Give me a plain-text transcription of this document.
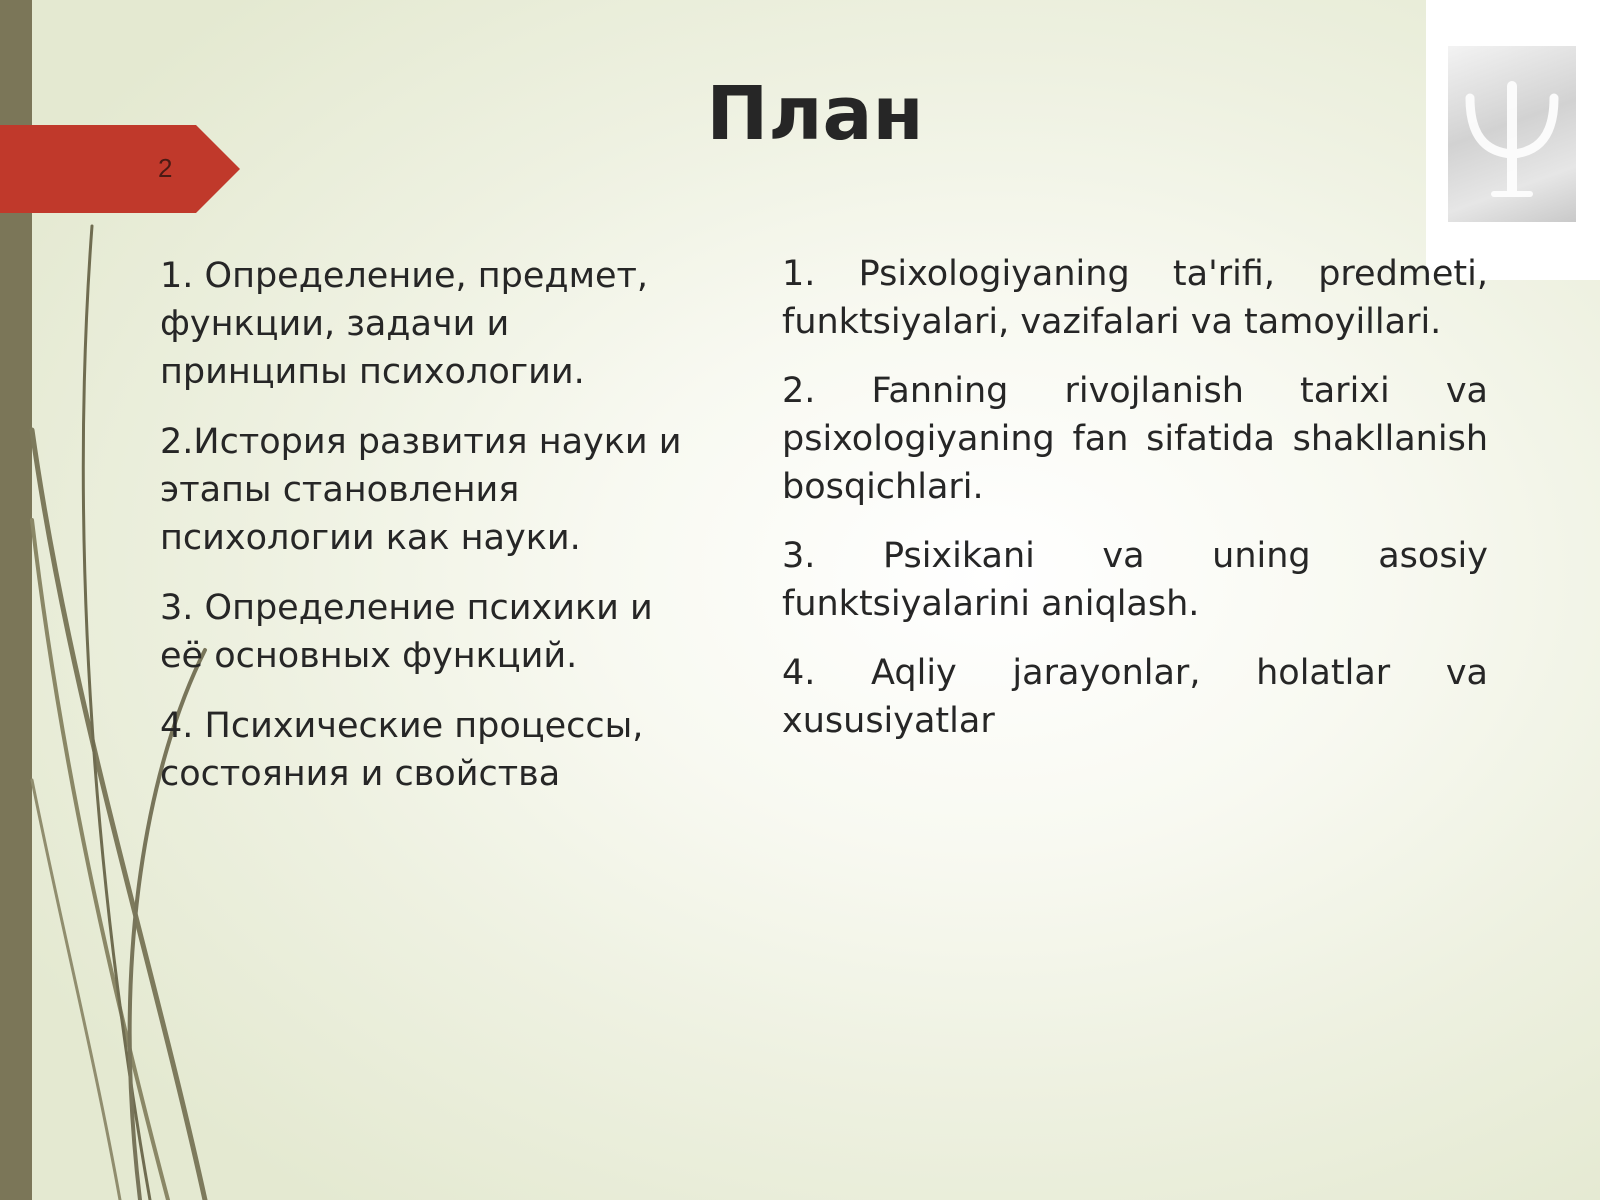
2
План

1. Определение, предмет, функции, задачи и принципы психологии.

2.История развития науки и этапы становления психологии как науки.

3. Определение психики и её основных функций.

4. Психические процессы, состояния и свойства

1. Psixologiyaning ta'rifi, predmeti, funktsiyalari, vazifalari va tamoyillari.

2. Fanning rivojlanish tarixi va psixologiyaning fan sifatida shakllanish bosqichlari.

3. Psixikani va uning asosiy funktsiyalarini aniqlash.

4. Aqliy jarayonlar, holatlar va xususiyatlar
